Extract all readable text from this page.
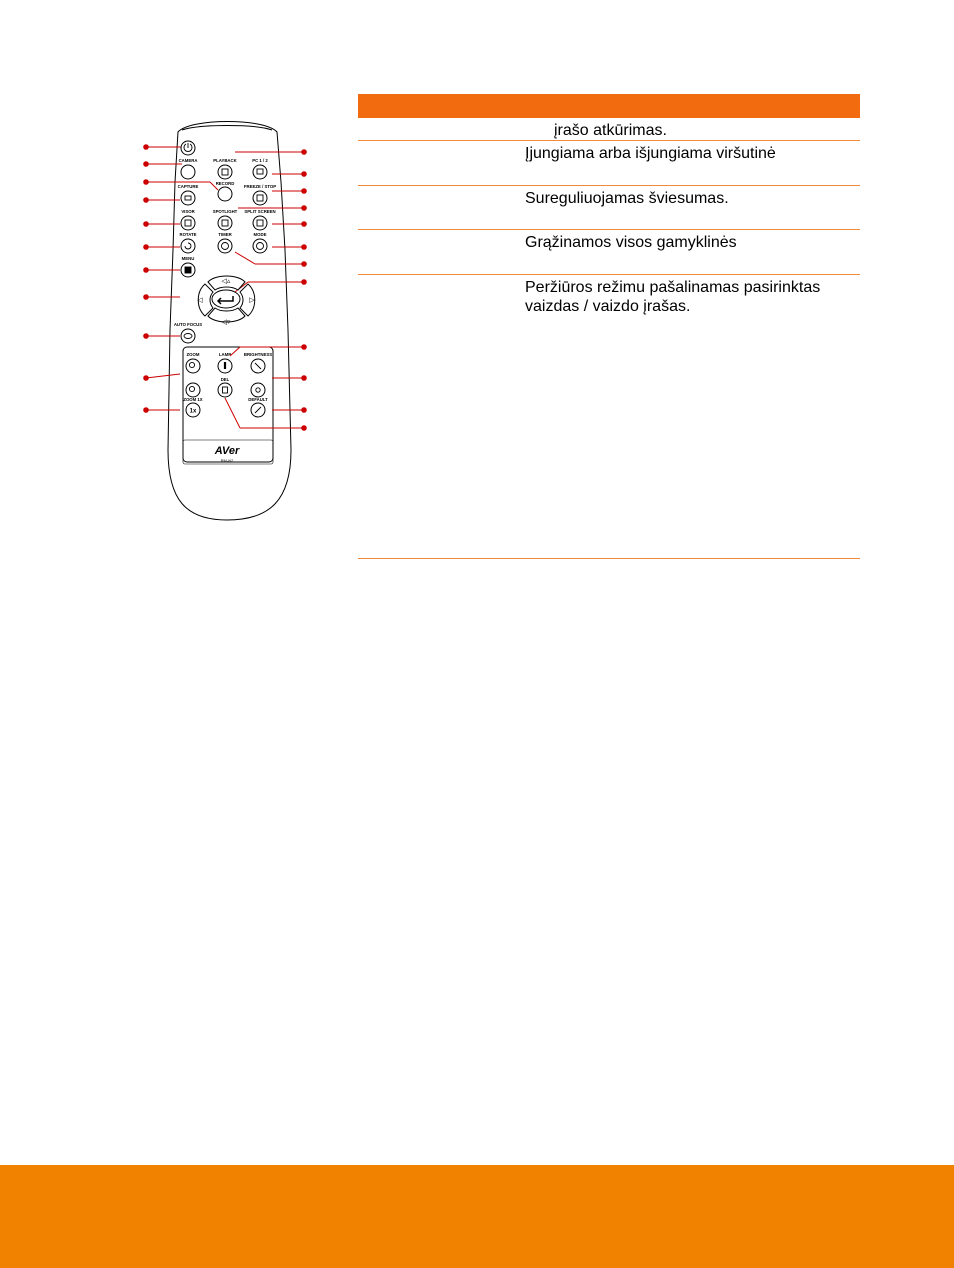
CAMERA	PLAYBACK	PC 1 / 2
RECORD
CAPTURE	FREEZE / STOP
VISOR	SPOTLIGHT SPLIT SCREEN
ROTATE	TIMER	MODE
MENU
AUTO FOCUS
ZOOM
ZOOM 1X
LAMP
DEL
BRIGHTNESS
DEFAULT
1x
◁▵
◁▿
◁	▷
AVer
RM-N2
įrašo atkūrimas.
Įjungiama arba išjungiama viršutinė
Sureguliuojamas šviesumas.
Grąžinamos visos gamyklinės
Peržiūros režimu pašalinamas pasirinktas vaizdas / vaizdo įrašas.
